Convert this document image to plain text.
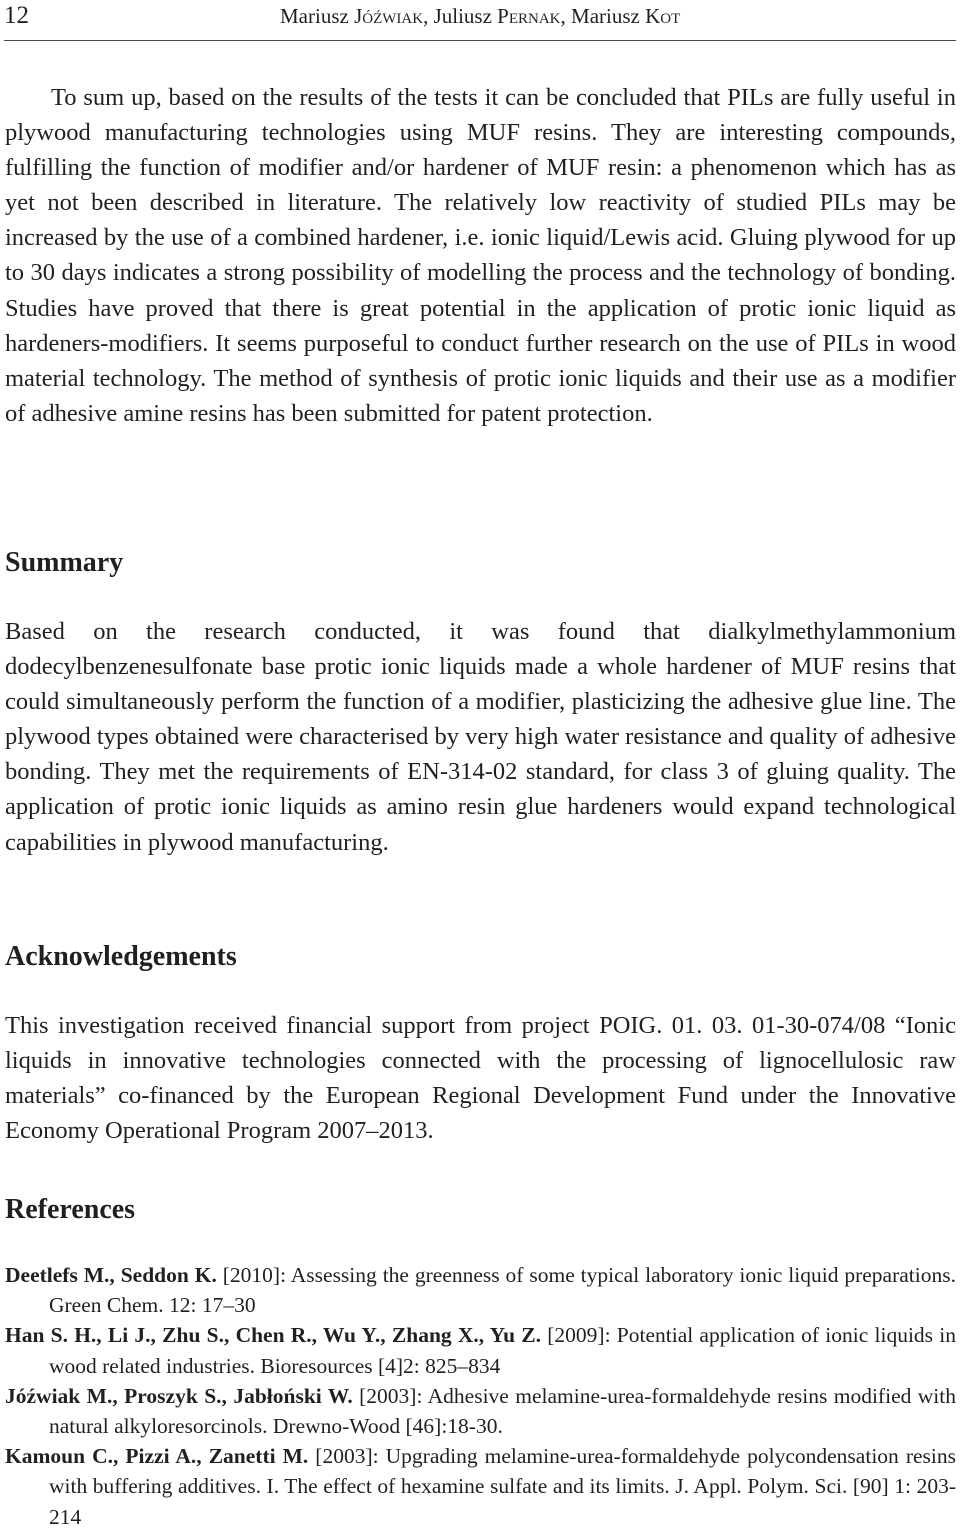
12	Mariusz Jóźwiak, Juliusz Pernak, Mariusz Kot

To sum up, based on the results of the tests it can be concluded that PILs are fully useful in plywood manufacturing technologies using MUF resins. They are interesting compounds, fulfilling the function of modifier and/or hardener of MUF resin: a phenomenon which has as yet not been described in literature. The relatively low reactivity of studied PILs may be increased by the use of a combined hardener, i.e. ionic liquid/Lewis acid. Gluing plywood for up to 30 days indicates a strong possibility of modelling the process and the technology of bonding. Studies have proved that there is great potential in the application of protic ionic liquid as hardeners-modifiers. It seems purposeful to conduct further research on the use of PILs in wood material technology. The method of synthesis of protic ionic liquids and their use as a modifier of adhesive amine resins has been submitted for patent protection.

Summary

Based on the research conducted, it was found that dialkylmethylammonium dodecylbenzenesulfonate base protic ionic liquids made a whole hardener of MUF resins that could simultaneously perform the function of a modifier, plasticizing the adhesive glue line. The plywood types obtained were characterised by very high water resistance and quality of adhesive bonding. They met the requirements of EN-314-02 standard, for class 3 of gluing quality. The application of protic ionic liquids as amino resin glue hardeners would expand technological capabilities in plywood manufacturing.

Acknowledgements

This investigation received financial support from project POIG. 01. 03. 01-30-074/08 “Ionic liquids in innovative technologies connected with the processing of lignocellulosic raw materials” co-financed by the European Regional Development Fund under the Innovative Economy Operational Program 2007–2013.

References

Deetlefs M., Seddon K. [2010]: Assessing the greenness of some typical laboratory ionic liquid preparations. Green Chem. 12: 17–30

Han S. H., Li J., Zhu S., Chen R., Wu Y., Zhang X., Yu Z. [2009]: Potential application of ionic liquids in wood related industries. Bioresources [4]2: 825–834

Jóźwiak M., Proszyk S., Jabłoński W. [2003]: Adhesive melamine-urea-formaldehyde resins modified with natural alkyloresorcinols. Drewno-Wood [46]:18-30.

Kamoun C., Pizzi A., Zanetti M. [2003]: Upgrading melamine-urea-formaldehyde polycondensation resins with buffering additives. I. The effect of hexamine sulfate and its limits. J. Appl. Polym. Sci. [90] 1: 203-214
